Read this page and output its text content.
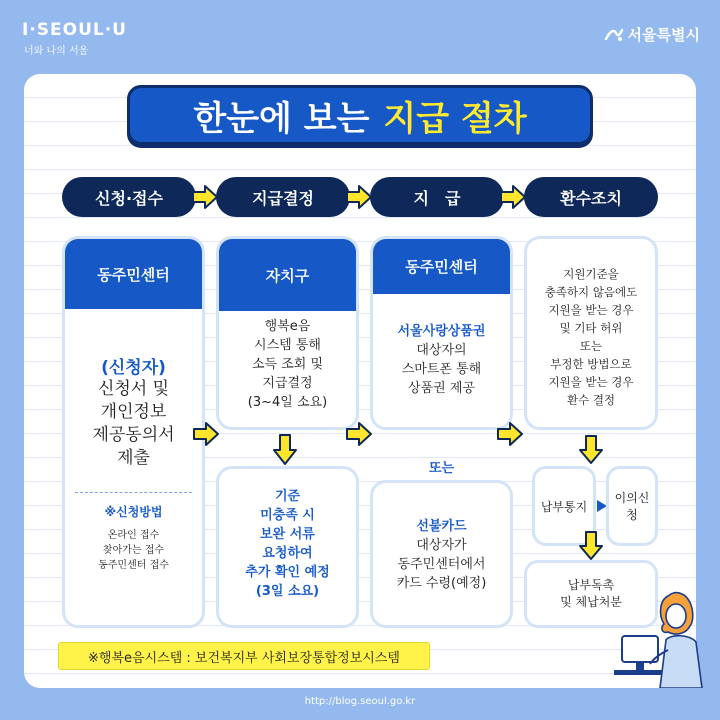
I·SEOUL·U
너와 나의 서울
서울특별시
한눈에 보는 지급 절차
신청·접수	지급결정	지　급	환수조치
동주민센터
(신청자)
신청서 및
개인정보
제공동의서
제출
※신청방법
온라인 접수
찾아가는 접수
동주민센터 접수
자치구
행복e음
시스템 통해
소득 조회 및
지급결정
(3~4일 소요)
기준
미충족 시
보완 서류
요청하여
추가 확인 예정
(3일 소요)
동주민센터
서울사랑상품권
대상자의
스마트폰 통해
상품권 제공
또는
선불카드
대상자가
동주민센터에서
카드 수령(예정)
지원기준을
충족하지 않음에도
지원을 받는 경우
및 기타 허위
또는
부정한 방법으로
지원을 받는 경우
환수 결정
납부통지
이의신청
납부독촉
및 체납처분
※행복e음시스템 : 보건복지부 사회보장통합정보시스템
http://blog.seoul.go.kr
